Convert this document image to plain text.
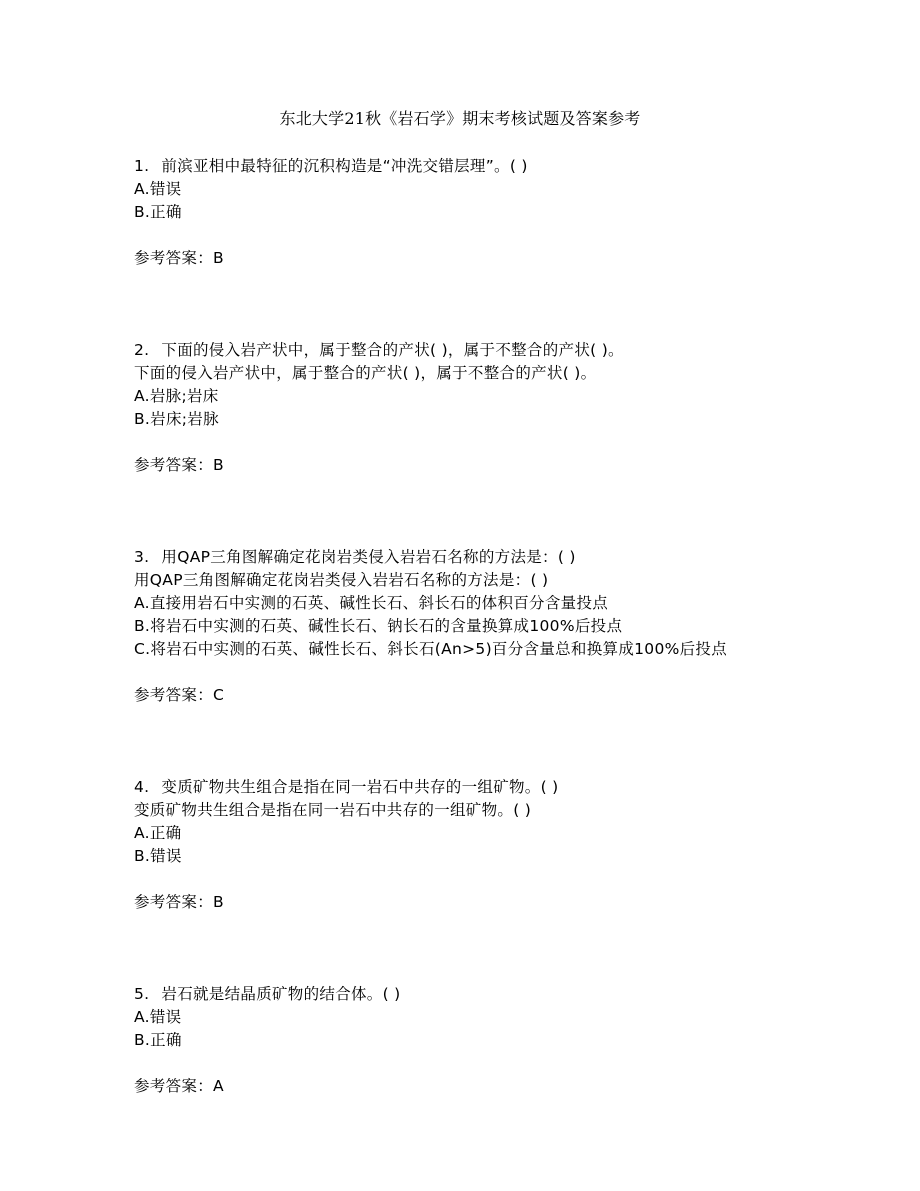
东北大学21秋《岩石学》期末考核试题及答案参考
1. 前滨亚相中最特征的沉积构造是“冲洗交错层理”。( )
A.错误
B.正确
参考答案：B
2. 下面的侵入岩产状中，属于整合的产状( )，属于不整合的产状( )。
下面的侵入岩产状中，属于整合的产状( )，属于不整合的产状( )。
A.岩脉;岩床
B.岩床;岩脉
参考答案：B
3. 用QAP三角图解确定花岗岩类侵入岩岩石名称的方法是：( )
用QAP三角图解确定花岗岩类侵入岩岩石名称的方法是：( )
A.直接用岩石中实测的石英、碱性长石、斜长石的体积百分含量投点
B.将岩石中实测的石英、碱性长石、钠长石的含量换算成100%后投点
C.将岩石中实测的石英、碱性长石、斜长石(An>5)百分含量总和换算成100%后投点
参考答案：C
4. 变质矿物共生组合是指在同一岩石中共存的一组矿物。( )
变质矿物共生组合是指在同一岩石中共存的一组矿物。( )
A.正确
B.错误
参考答案：B
5. 岩石就是结晶质矿物的结合体。( )
A.错误
B.正确
参考答案：A
